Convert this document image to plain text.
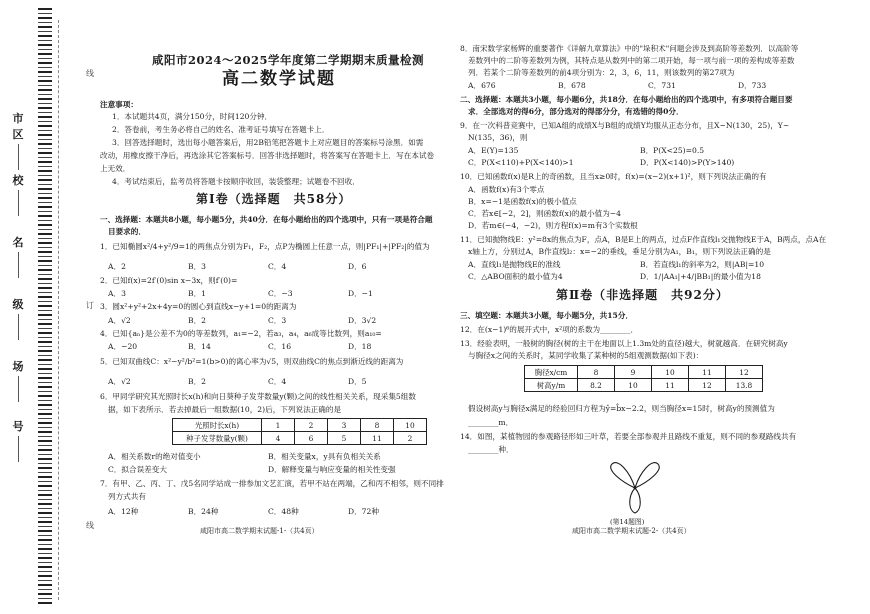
市 区
校
名
级
场
号
线
订
线
咸阳市2024～2025学年度第二学期期末质量检测
高二数学试题
注意事项：
1．本试题共4页，满分150分，时间120分钟．
2．答卷前，考生务必将自己的姓名、准考证号填写在答题卡上．
3．回答选择题时，选出每小题答案后，用2B铅笔把答题卡上对应题目的答案标号涂黑．如需
改动，用橡皮擦干净后，再选涂其它答案标号．回答非选择题时，将答案写在答题卡上．写在本试卷
上无效．
4．考试结束后，监考员将答题卡按顺序收回，装袋整理；试题卷不回收．
第Ⅰ卷（选择题　共58分）
一、选择题：本题共8小题，每小题5分，共40分．在每小题给出的四个选项中，只有一项是符合题
目要求的．
1．已知椭圆x²/4+y²/9=1的两焦点分别为F₁，F₂，点P为椭圆上任意一点，则|PF₁|+|PF₂|的值为
A．2	B．3	C．4	D．6
2．已知f(x)=2f′(0)sin x−3x，则f′(0)=
A．3	B．1	C．−3	D．−1
3．圆x²+y²+2x+4y=0的圆心到直线x−y+1=0的距离为
A．√2	B．2	C．3	D．3√2
4．已知{aₙ}是公差不为0的等差数列，a₁=−2，若a₃，a₄，a₆成等比数列，则a₁₀=
A．−20	B．14	C．16	D．18
5．已知双曲线C：x²−y²/b²=1(b>0)的离心率为√5，则双曲线C的焦点到渐近线的距离为
A．√2	B．2	C．4	D．5
6．甲同学研究其光照时长x(h)和向日葵种子发芽数量y(颗)之间的线性相关关系，现采集5组数
据，如下表所示．若去掉最后一组数据(10，2)后，下列说法正确的是
光照时长x(h)	1	2	3	8	10
种子发芽数量y(颗)	4	6	5	11	2
A．相关系数r的绝对值变小	B．相关变量x，y具有负相关关系
C．拟合误差变大	D．解释变量与响应变量的相关性变强
7．有甲、乙、丙、丁、戊5名同学站成一排参加文艺汇演，若甲不站在两端，乙和丙不相邻，则不同排
列方式共有
A．12种	B．24种	C．48种	D．72种
咸阳市高二数学期末试题-1-（共4页）
8．南宋数学家杨辉的重要著作《详解九章算法》中的"垛积术"问题会涉及到高阶等差数列．以高阶等
差数列中的二阶等差数列为例，其特点是从数列中的第二项开始，每一项与前一项的差构成等差数
列．若某个二阶等差数列的前4项分别为：2，3，6，11，则该数列的第27项为
A．676	B．678	C．731	D．733
二、选择题：本题共3小题，每小题6分，共18分．在每小题给出的四个选项中，有多项符合题目要
求．全部选对的得6分，部分选对的得部分分，有选错的得0分．
9．在一次科普竞赛中，已知A组的成绩X与B组的成绩Y均服从正态分布，且X~N(130，25)，Y~
N(135，36)，则
A．E(Y)=135	B．P(X<25)=0.5
C．P(X<110)+P(X<140)>1	D．P(X<140)>P(Y>140)
10．已知函数f(x)是R上的奇函数，且当x≥0时，f(x)=(x−2)(x+1)²，则下列说法正确的有
A．函数f(x)有3个零点
B．x=−1是函数f(x)的极小值点
C．若x∈[−2，2]，则函数f(x)的最小值为−4
D．若m∈(−4，−2)，则方程f(x)=m有3个实数根
11．已知抛物线E：y²=8x的焦点为F，点A，B是E上的两点，过点F作直线l₁交抛物线E于A，B两点，点A在
x轴上方，分别过A，B作直线l₂：x=−2的垂线，垂足分别为A₁，B₁，则下列说法正确的是
A．直线l₁是抛物线E的准线	B．若直线l₁的斜率为2，则|AB|=10
C．△ABO面积的最小值为4	D．1/|AA₁|+4/|BB₁|的最小值为18
第Ⅱ卷（非选择题　共92分）
三、填空题：本题共3小题，每小题5分，共15分．
12．在(x−1)⁶的展开式中，x²项的系数为________．
13．经验表明，一般树的胸径(树的主干在地面以上1.3m处的直径)越大，树就越高．在研究树高y
与胸径x之间的关系时，某同学收集了某种树的5组观测数据(如下表)：
胸径x/cm	8	9	10	11	12
树高y/m	8.2	10	11	12	13.8
假设树高y与胸径x满足的经验回归方程为ŷ=b̂x−2.2，则当胸径x=15时，树高y的预测值为
________m．
14．如图，某植物园的参观路径形如三叶草，若要全部参观并且路线不重复，则不同的参观路线共有
________种．
(第14题图)
咸阳市高二数学期末试题-2-（共4页）
